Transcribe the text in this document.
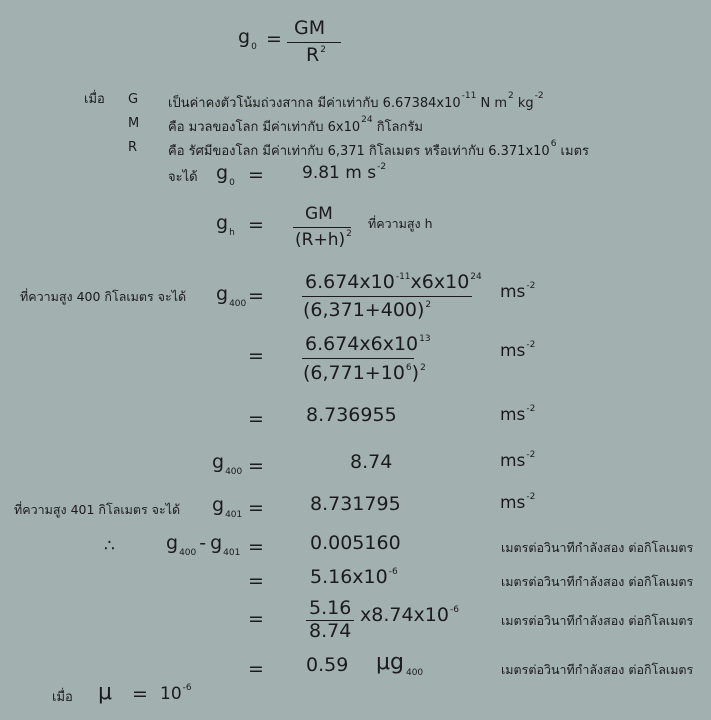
$g_0$ = GM
$R^2$
เมื่อ G เป็นค่าคงตัวโน้มถ่วงสากล มีค่าเท่ากับ $6.67384x10^{-11}$ N $m^2$ $kg^{-2}$
M คือ มวลของโลก มีค่าเท่ากับ $6x10^{24}$ กิโลกรัม
R คือ รัศมีของโลก มีค่าเท่ากับ 6,371 กิโลเมตร หรือเท่ากับ $6.371x10^6$ เมตร
จะได้ $g_0 = 9.81$ m $s^{-2}$
$g_h$ = GM
$(R+h)^2$
ที่ความสูง h
ที่ความสูง 400 กิโลเมตร จะได้ $g_{400}$ =
$6.674x10^{-11}x6x10^{24}$
$(6,371+400)^2$
$ms^{-2}$
=
$6.674x6x10^{13}$
$(6,771+10^6)^2$
$ms^{-2}$
= 8.736955	$ms^{-2}$
$g_{400}$ =	8.74	$ms^{-2}$
ที่ความสูง 401 กิโลเมตร จะได้ $g_{401} = 8.731795$	$ms^{-2}$
∴	$g_{400} - g_{401} = 0.005160$	เมตรต่อวินาทีกำลังสอง ต่อกิโลเมตร
= $5.16x10^{-6}$
เมตรต่อวินาทีกำลังสอง ต่อกิโลเมตร
= 5.16
8.74
$x8.74x10^{-6}$
เมตรต่อวินาทีกำลังสอง ต่อกิโลเมตร
= 0.59 μg $_{400}$	เมตรต่อวินาทีกำลังสอง ต่อกิโลเมตร
เมื่อ $\mu = 10^{-6}$
